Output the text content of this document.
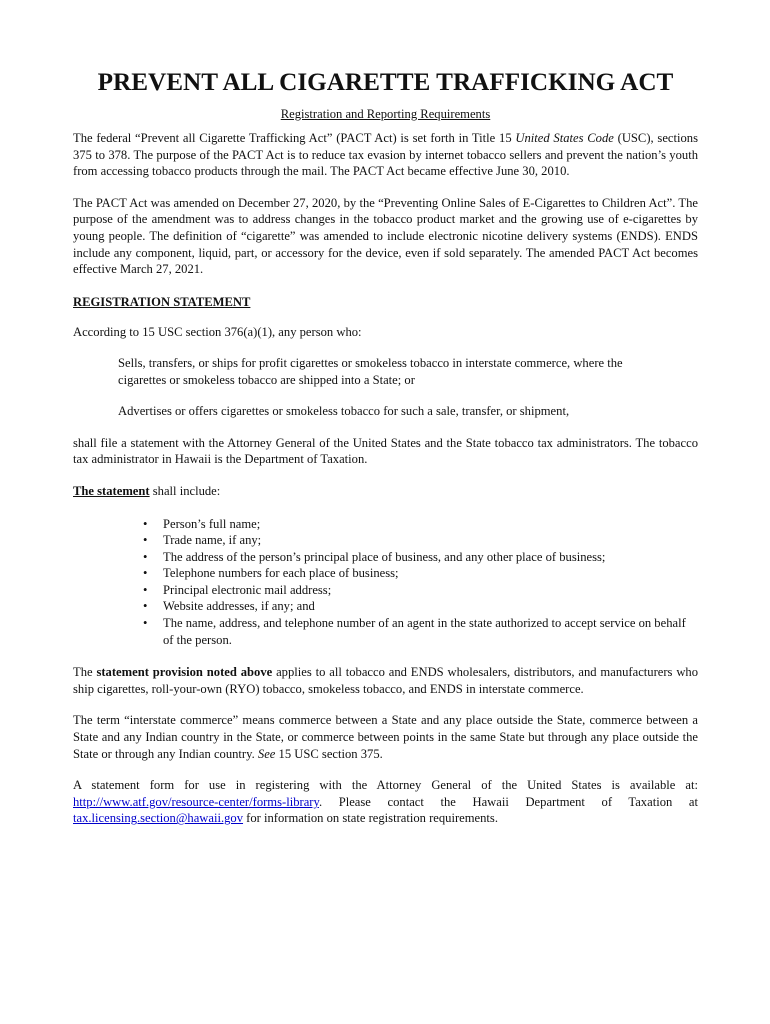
PREVENT ALL CIGARETTE TRAFFICKING ACT
Registration and Reporting Requirements

The federal “Prevent all Cigarette Trafficking Act” (PACT Act) is set forth in Title 15 United States Code (USC), sections 375 to 378. The purpose of the PACT Act is to reduce tax evasion by internet tobacco sellers and prevent the nation’s youth from accessing tobacco products through the mail. The PACT Act became effective June 30, 2010.

The PACT Act was amended on December 27, 2020, by the “Preventing Online Sales of E-Cigarettes to Children Act”. The purpose of the amendment was to address changes in the tobacco product market and the growing use of e-cigarettes by young people. The definition of “cigarette” was amended to include electronic nicotine delivery systems (ENDS). ENDS include any component, liquid, part, or accessory for the device, even if sold separately. The amended PACT Act becomes effective March 27, 2021.

REGISTRATION STATEMENT

According to 15 USC section 376(a)(1), any person who:

Sells, transfers, or ships for profit cigarettes or smokeless tobacco in interstate commerce, where the cigarettes or smokeless tobacco are shipped into a State; or

Advertises or offers cigarettes or smokeless tobacco for such a sale, transfer, or shipment,

shall file a statement with the Attorney General of the United States and the State tobacco tax administrators. The tobacco tax administrator in Hawaii is the Department of Taxation.

The statement shall include:

• Person’s full name;
• Trade name, if any;
• The address of the person’s principal place of business, and any other place of business;
• Telephone numbers for each place of business;
• Principal electronic mail address;
• Website addresses, if any; and
• The name, address, and telephone number of an agent in the state authorized to accept service on behalf of the person.

The statement provision noted above applies to all tobacco and ENDS wholesalers, distributors, and manufacturers who ship cigarettes, roll-your-own (RYO) tobacco, smokeless tobacco, and ENDS in interstate commerce.

The term “interstate commerce” means commerce between a State and any place outside the State, commerce between a State and any Indian country in the State, or commerce between points in the same State but through any place outside the State or through any Indian country. See 15 USC section 375.

A statement form for use in registering with the Attorney General of the United States is available at: http://www.atf.gov/resource-center/forms-library. Please contact the Hawaii Department of Taxation at tax.licensing.section@hawaii.gov for information on state registration requirements.
